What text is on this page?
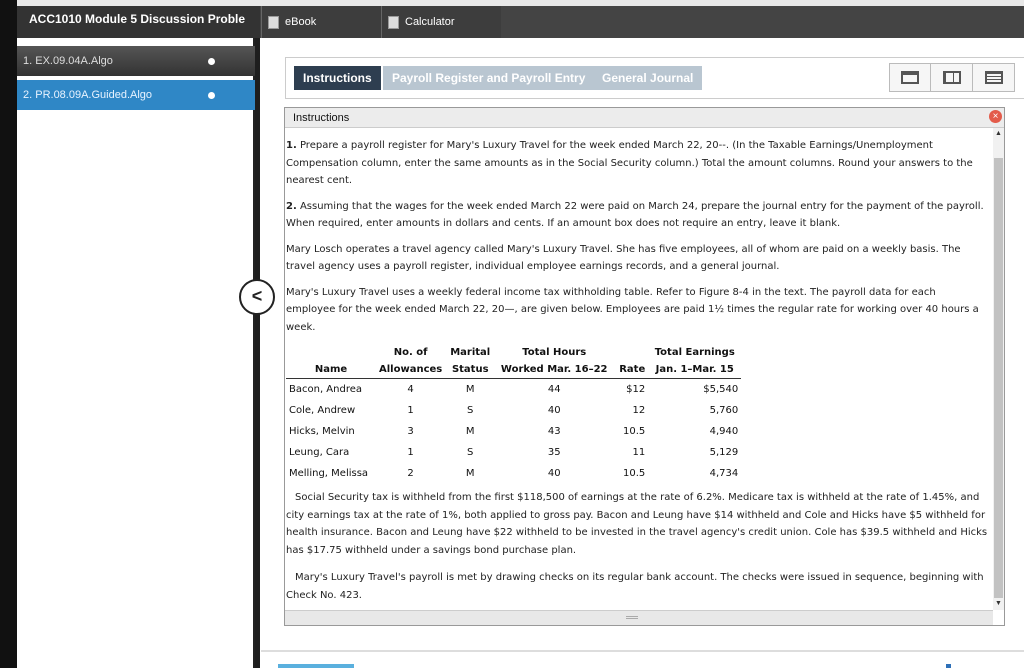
ACC1010 Module 5 Discussion Proble	eBook	Calculator
1. EX.09.04A.Algo
2. PR.08.09A.Guided.Algo
<
Instructions	Payroll Register and Payroll Entry	General Journal
Instructions	×

1. Prepare a payroll register for Mary's Luxury Travel for the week ended March 22, 20--. (In the Taxable Earnings/Unemployment Compensation column, enter the same amounts as in the Social Security column.) Total the amount columns. Round your answers to the nearest cent.

2. Assuming that the wages for the week ended March 22 were paid on March 24, prepare the journal entry for the payment of the payroll. When required, enter amounts in dollars and cents. If an amount box does not require an entry, leave it blank.

Mary Losch operates a travel agency called Mary's Luxury Travel. She has five employees, all of whom are paid on a weekly basis. The travel agency uses a payroll register, individual employee earnings records, and a general journal.

Mary's Luxury Travel uses a weekly federal income tax withholding table. Refer to Figure 8-4 in the text. The payroll data for each employee for the week ended March 22, 20—, are given below. Employees are paid 1½ times the regular rate for working over 40 hours a week.

	No. of	Marital	Total Hours		Total Earnings
Name	Allowances	Status	Worked Mar. 16–22	Rate	Jan. 1–Mar. 15
Bacon, Andrea	4	M	44	$12	$5,540
Cole, Andrew	1	S	40	12	5,760
Hicks, Melvin	3	M	43	10.5	4,940
Leung, Cara	1	S	35	11	5,129
Melling, Melissa	2	M	40	10.5	4,734

Social Security tax is withheld from the first $118,500 of earnings at the rate of 6.2%. Medicare tax is withheld at the rate of 1.45%, and city earnings tax at the rate of 1%, both applied to gross pay. Bacon and Leung have $14 withheld and Cole and Hicks have $5 withheld for health insurance. Bacon and Leung have $22 withheld to be invested in the travel agency's credit union. Cole has $39.5 withheld and Hicks has $17.75 withheld under a savings bond purchase plan.

Mary's Luxury Travel's payroll is met by drawing checks on its regular bank account. The checks were issued in sequence, beginning with Check No. 423.

▲
▼
